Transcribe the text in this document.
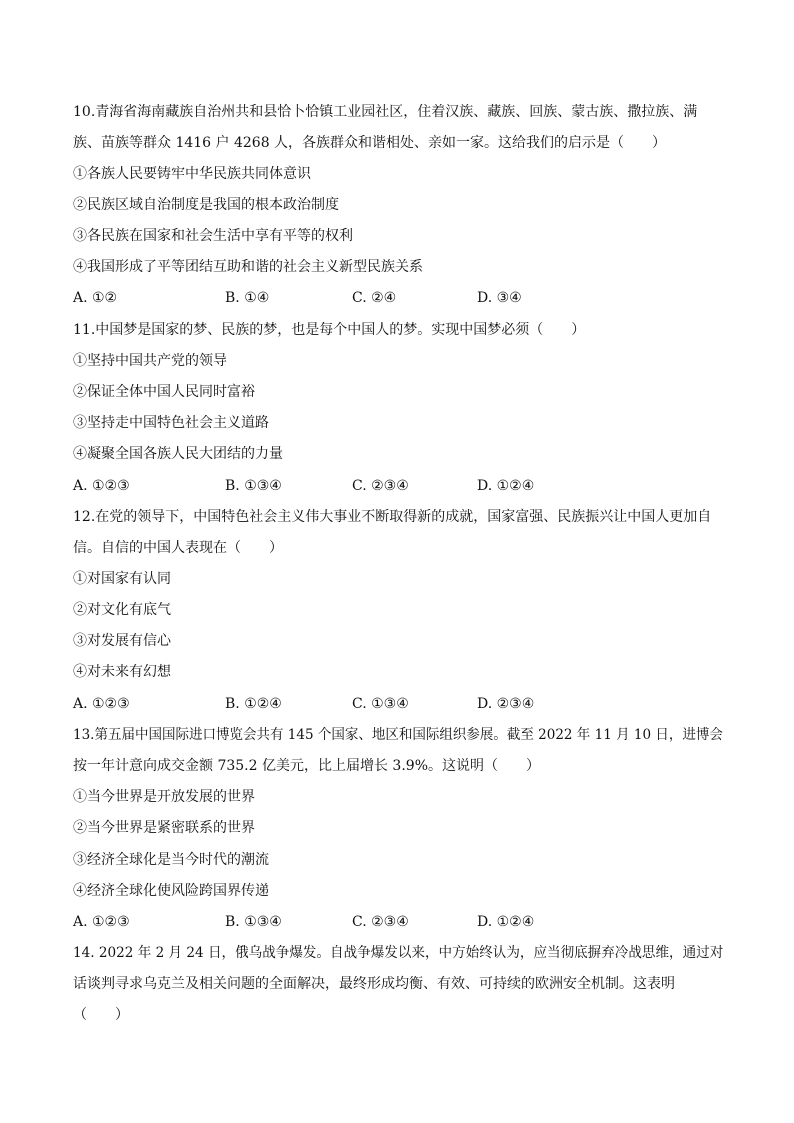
10.青海省海南藏族自治州共和县恰卜恰镇工业园社区，住着汉族、藏族、回族、蒙古族、撒拉族、满
族、苗族等群众 1416 户 4268 人，各族群众和谐相处、亲如一家。这给我们的启示是（　　）
①各族人民要铸牢中华民族共同体意识
②民族区域自治制度是我国的根本政治制度
③各民族在国家和社会生活中享有平等的权利
④我国形成了平等团结互助和谐的社会主义新型民族关系
A. ①②	B. ①④	C. ②④	D. ③④
11.中国梦是国家的梦、民族的梦，也是每个中国人的梦。实现中国梦必须（　　）
①坚持中国共产党的领导
②保证全体中国人民同时富裕
③坚持走中国特色社会主义道路
④凝聚全国各族人民大团结的力量
A. ①②③	B. ①③④	C. ②③④	D. ①②④
12.在党的领导下，中国特色社会主义伟大事业不断取得新的成就，国家富强、民族振兴让中国人更加自
信。自信的中国人表现在（　　）
①对国家有认同
②对文化有底气
③对发展有信心
④对未来有幻想
A. ①②③	B. ①②④	C. ①③④	D. ②③④
13.第五届中国国际进口博览会共有 145 个国家、地区和国际组织参展。截至 2022 年 11 月 10 日，进博会
按一年计意向成交金额 735.2 亿美元，比上届增长 3.9%。这说明（　　）
①当今世界是开放发展的世界
②当今世界是紧密联系的世界
③经济全球化是当今时代的潮流
④经济全球化使风险跨国界传递
A. ①②③	B. ①③④	C. ②③④	D. ①②④
14. 2022 年 2 月 24 日，俄乌战争爆发。自战争爆发以来，中方始终认为，应当彻底摒弃冷战思维，通过对
话谈判寻求乌克兰及相关问题的全面解决，最终形成均衡、有效、可持续的欧洲安全机制。这表明
（　　）
